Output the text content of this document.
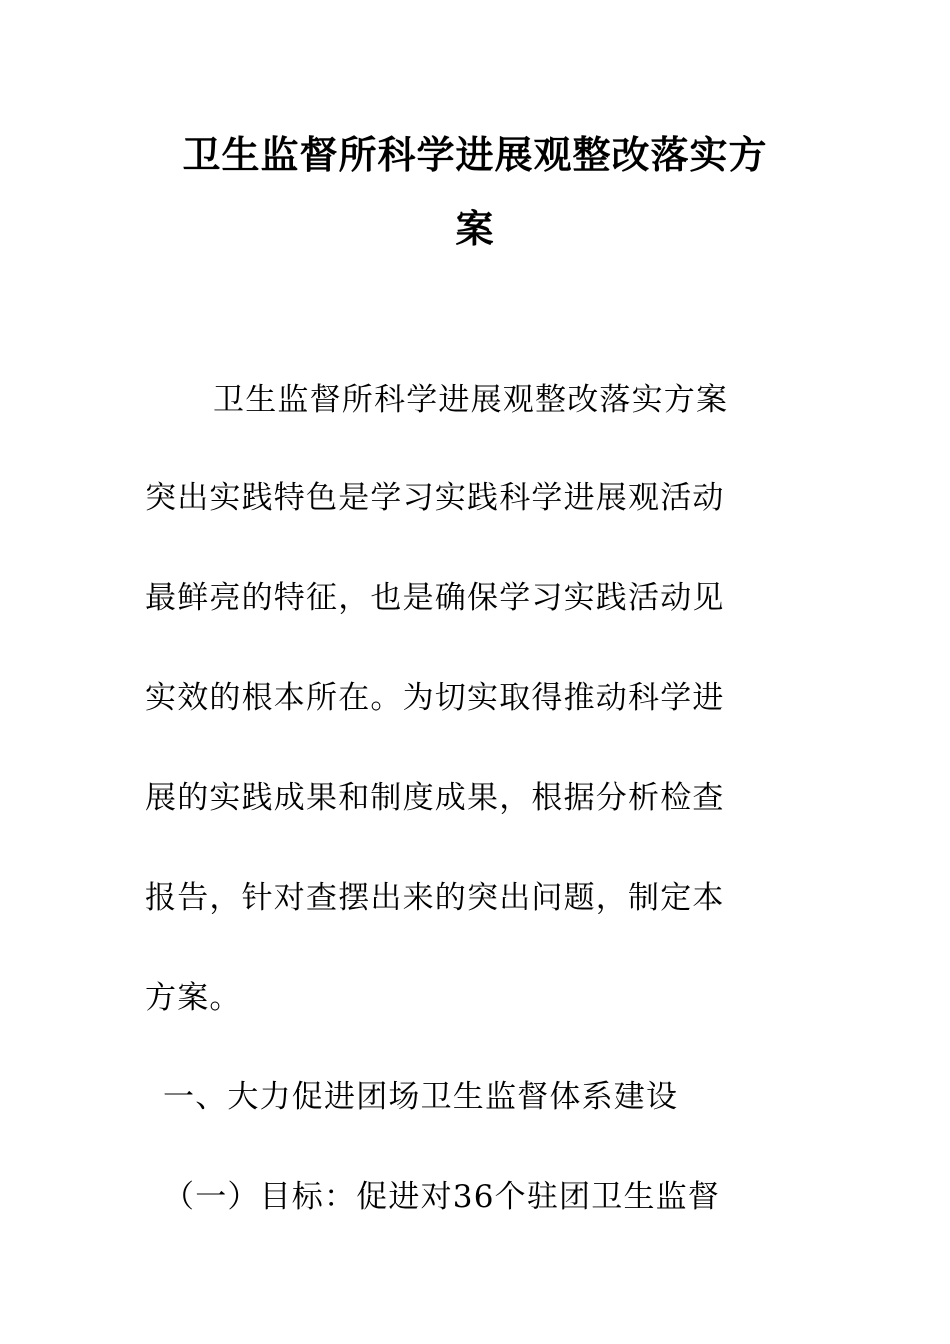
卫生监督所科学进展观整改落实方
案

卫生监督所科学进展观整改落实方案

突出实践特色是学习实践科学进展观活动

最鲜亮的特征，也是确保学习实践活动见

实效的根本所在。为切实取得推动科学进

展的实践成果和制度成果，根据分析检查

报告，针对查摆出来的突出问题，制定本

方案。

一、大力促进团场卫生监督体系建设

（一）目标：促进对36个驻团卫生监督
